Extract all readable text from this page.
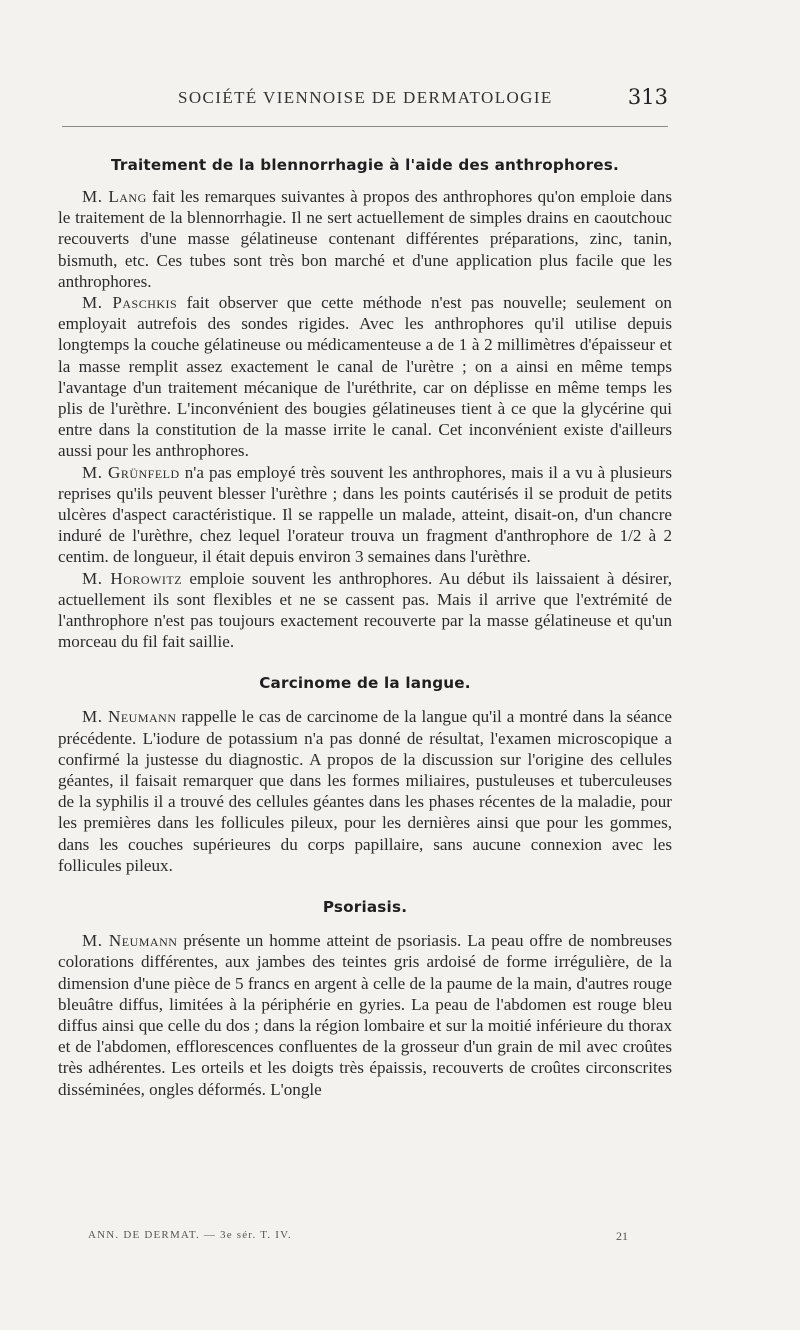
SOCIÉTÉ VIENNOISE DE DERMATOLOGIE	313
Traitement de la blennorrhagie à l'aide des anthrophores.

M. Lang fait les remarques suivantes à propos des anthrophores qu'on emploie dans le traitement de la blennorrhagie. Il ne sert actuellement de simples drains en caoutchouc recouverts d'une masse gélatineuse contenant différentes préparations, zinc, tanin, bismuth, etc. Ces tubes sont très bon marché et d'une application plus facile que les anthrophores.

M. Paschkis fait observer que cette méthode n'est pas nouvelle; seulement on employait autrefois des sondes rigides. Avec les anthrophores qu'il utilise depuis longtemps la couche gélatineuse ou médicamenteuse a de 1 à 2 millimètres d'épaisseur et la masse remplit assez exactement le canal de l'urètre ; on a ainsi en même temps l'avantage d'un traitement mécanique de l'uréthrite, car on déplisse en même temps les plis de l'urèthre. L'inconvénient des bougies gélatineuses tient à ce que la glycérine qui entre dans la constitution de la masse irrite le canal. Cet inconvénient existe d'ailleurs aussi pour les anthrophores.

M. Grünfeld n'a pas employé très souvent les anthrophores, mais il a vu à plusieurs reprises qu'ils peuvent blesser l'urèthre ; dans les points cautérisés il se produit de petits ulcères d'aspect caractéristique. Il se rappelle un malade, atteint, disait-on, d'un chancre induré de l'urèthre, chez lequel l'orateur trouva un fragment d'anthrophore de 1/2 à 2 centim. de longueur, il était depuis environ 3 semaines dans l'urèthre.

M. Horowitz emploie souvent les anthrophores. Au début ils laissaient à désirer, actuellement ils sont flexibles et ne se cassent pas. Mais il arrive que l'extrémité de l'anthrophore n'est pas toujours exactement recouverte par la masse gélatineuse et qu'un morceau du fil fait saillie.

Carcinome de la langue.

M. Neumann rappelle le cas de carcinome de la langue qu'il a montré dans la séance précédente. L'iodure de potassium n'a pas donné de résultat, l'examen microscopique a confirmé la justesse du diagnostic. A propos de la discussion sur l'origine des cellules géantes, il faisait remarquer que dans les formes miliaires, pustuleuses et tuberculeuses de la syphilis il a trouvé des cellules géantes dans les phases récentes de la maladie, pour les premières dans les follicules pileux, pour les dernières ainsi que pour les gommes, dans les couches supérieures du corps papillaire, sans aucune connexion avec les follicules pileux.

Psoriasis.

M. Neumann présente un homme atteint de psoriasis. La peau offre de nombreuses colorations différentes, aux jambes des teintes gris ardoisé de forme irrégulière, de la dimension d'une pièce de 5 francs en argent à celle de la paume de la main, d'autres rouge bleuâtre diffus, limitées à la périphérie en gyries. La peau de l'abdomen est rouge bleu diffus ainsi que celle du dos ; dans la région lombaire et sur la moitié inférieure du thorax et de l'abdomen, efflorescences confluentes de la grosseur d'un grain de mil avec croûtes très adhérentes. Les orteils et les doigts très épaissis, recouverts de croûtes circonscrites disséminées, ongles déformés. L'ongle

ANN. DE DERMAT. — 3e sér. T. IV.	21
